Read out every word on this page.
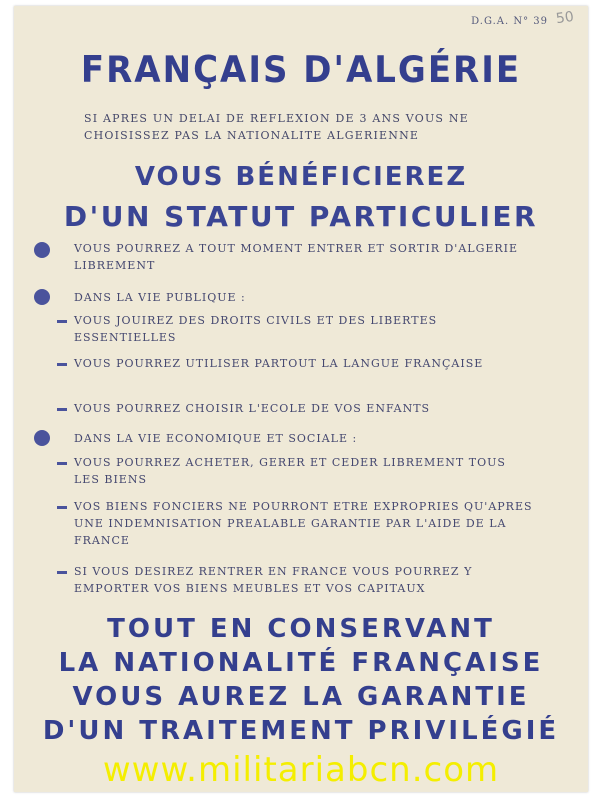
D.G.A. N° 39 50
FRANÇAIS D'ALGÉRIE
SI APRES UN DELAI DE REFLEXION DE 3 ANS VOUS NE CHOISISSEZ PAS LA NATIONALITE ALGERIENNE
VOUS BÉNÉFICIEREZ
D'UN STATUT PARTICULIER
VOUS POURREZ A TOUT MOMENT ENTRER ET SORTIR D'ALGERIE LIBREMENT
DANS LA VIE PUBLIQUE :
VOUS JOUIREZ DES DROITS CIVILS ET DES LIBERTES ESSENTIELLES
VOUS POURREZ UTILISER PARTOUT LA LANGUE FRANÇAISE
VOUS POURREZ CHOISIR L'ECOLE DE VOS ENFANTS
DANS LA VIE ECONOMIQUE ET SOCIALE :
VOUS POURREZ ACHETER, GERER ET CEDER LIBREMENT TOUS LES BIENS
VOS BIENS FONCIERS NE POURRONT ETRE EXPROPRIES QU'APRES UNE INDEMNISATION PREALABLE GARANTIE PAR L'AIDE DE LA FRANCE
SI VOUS DESIREZ RENTRER EN FRANCE VOUS POURREZ Y EMPORTER VOS BIENS MEUBLES ET VOS CAPITAUX
TOUT EN CONSERVANT
LA NATIONALITÉ FRANÇAISE
VOUS AUREZ LA GARANTIE
D'UN TRAITEMENT PRIVILÉGIÉ
www.militariabcn.com
